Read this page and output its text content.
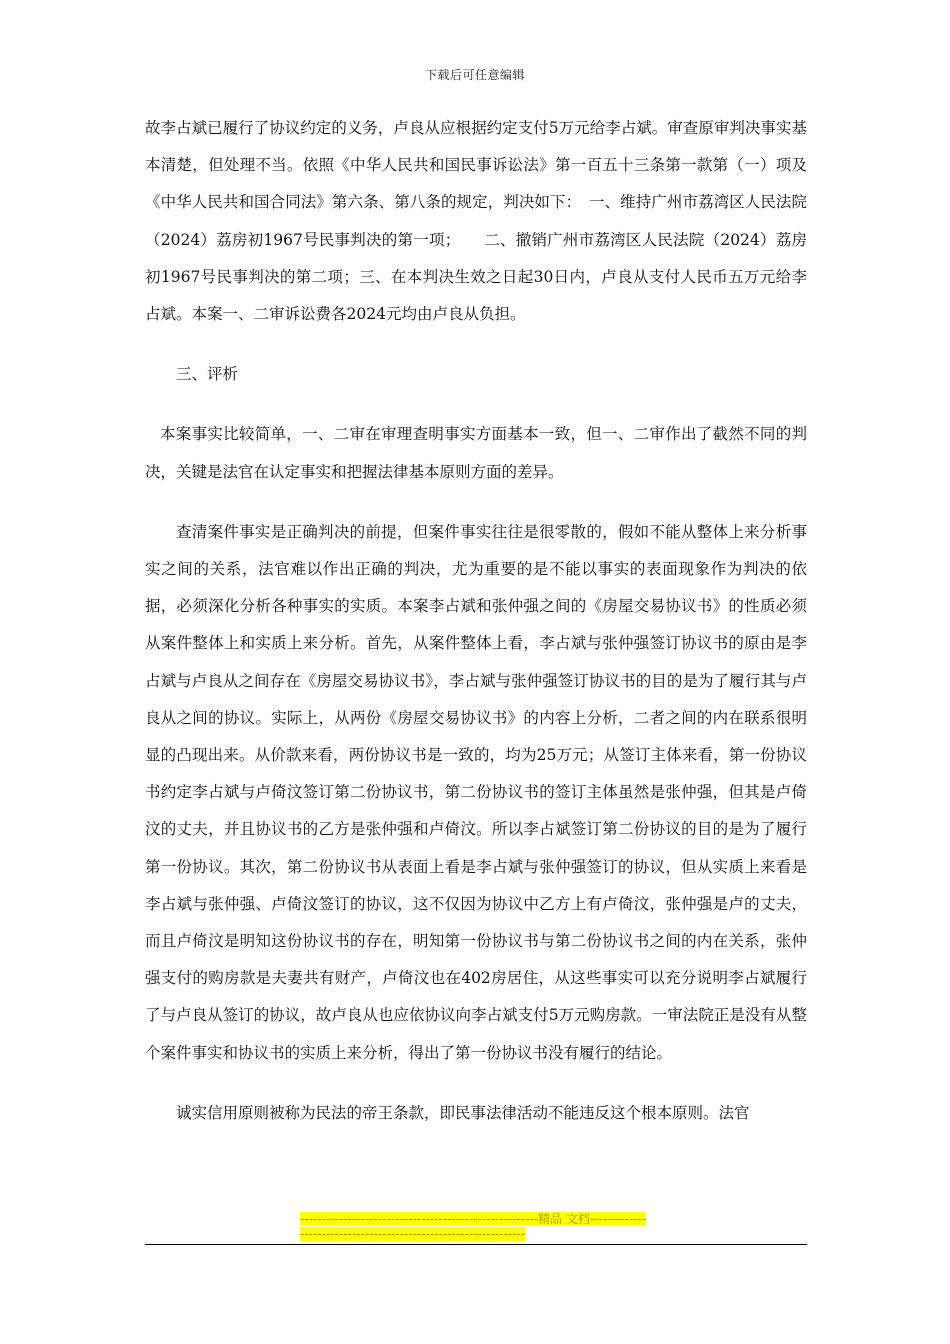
下载后可任意编辑

故李占斌已履行了协议约定的义务，卢良从应根据约定支付5万元给李占斌。审查原审判决事实基本清楚，但处理不当。依照《中华人民共和国民事诉讼法》第一百五十三条第一款第（一）项及《中华人民共和国合同法》第六条、第八条的规定，判决如下：　一、维持广州市荔湾区人民法院（2024）荔房初1967号民事判决的第一项；　　二、撤销广州市荔湾区人民法院（2024）荔房初1967号民事判决的第二项；三、在本判决生效之日起30日内，卢良从支付人民币五万元给李占斌。本案一、二审诉讼费各2024元均由卢良从负担。

三、评析

本案事实比较简单，一、二审在审理查明事实方面基本一致，但一、二审作出了截然不同的判决，关键是法官在认定事实和把握法律基本原则方面的差异。

查清案件事实是正确判决的前提，但案件事实往往是很零散的，假如不能从整体上来分析事实之间的关系，法官难以作出正确的判决，尤为重要的是不能以事实的表面现象作为判决的依据，必须深化分析各种事实的实质。本案李占斌和张仲强之间的《房屋交易协议书》的性质必须从案件整体上和实质上来分析。首先，从案件整体上看，李占斌与张仲强签订协议书的原由是李占斌与卢良从之间存在《房屋交易协议书》，李占斌与张仲强签订协议书的目的是为了履行其与卢良从之间的协议。实际上，从两份《房屋交易协议书》的内容上分析，二者之间的内在联系很明显的凸现出来。从价款来看，两份协议书是一致的，均为25万元；从签订主体来看，第一份协议书约定李占斌与卢倚汶签订第二份协议书，第二份协议书的签订主体虽然是张仲强，但其是卢倚汶的丈夫，并且协议书的乙方是张仲强和卢倚汶。所以李占斌签订第二份协议的目的是为了履行第一份协议。其次，第二份协议书从表面上看是李占斌与张仲强签订的协议，但从实质上来看是李占斌与张仲强、卢倚汶签订的协议，这不仅因为协议中乙方上有卢倚汶，张仲强是卢的丈夫，而且卢倚汶是明知这份协议书的存在，明知第一份协议书与第二份协议书之间的内在关系，张仲强支付的购房款是夫妻共有财产，卢倚汶也在402房居住，从这些事实可以充分说明李占斌履行了与卢良从签订的协议，故卢良从也应依协议向李占斌支付5万元购房款。一审法院正是没有从整个案件事实和协议书的实质上来分析，得出了第一份协议书没有履行的结论。

诚实信用原则被称为民法的帝王条款，即民事法律活动不能违反这个根本原则。法官

-------------------------------------------------------精品 文档-----------------------------------------------------------------
